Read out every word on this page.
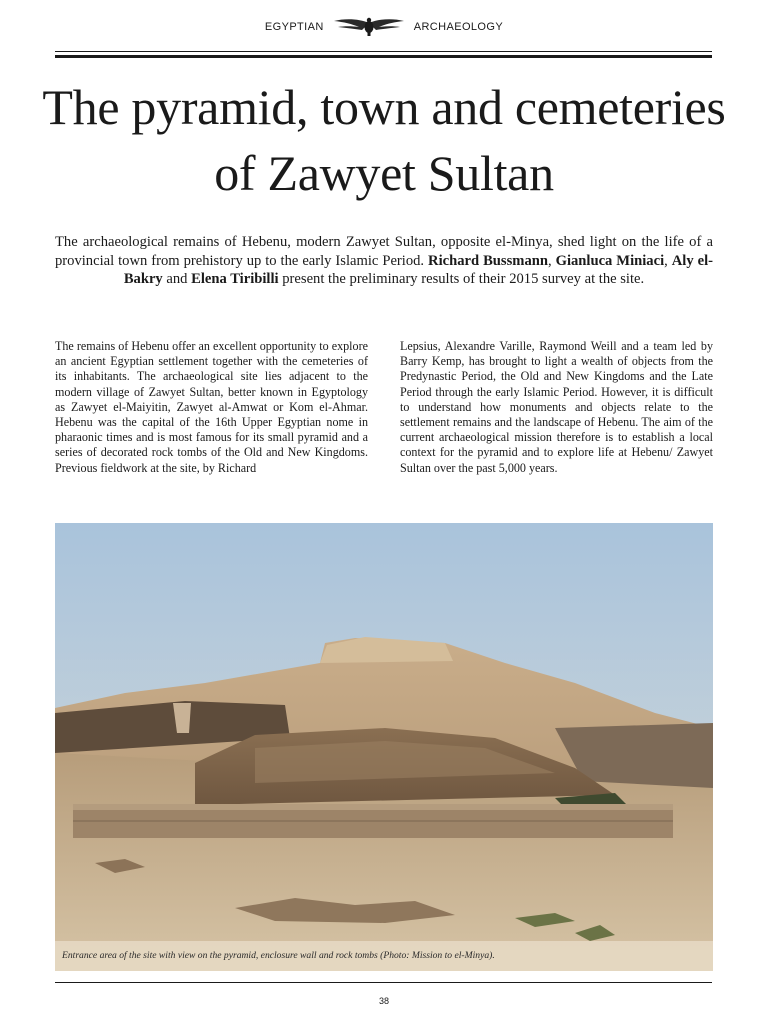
EGYPTIAN	ARCHAEOLOGY
The pyramid, town and cemeteries of Zawyet Sultan

The archaeological remains of Hebenu, modern Zawyet Sultan, opposite el-Minya, shed light on the life of a provincial town from prehistory up to the early Islamic Period. Richard Bussmann, Gianluca Miniaci, Aly el-Bakry and Elena Tiribilli present the preliminary results of their 2015 survey at the site.

The remains of Hebenu offer an excellent opportunity to explore an ancient Egyptian settlement together with the cemeteries of its inhabitants. The archaeological site lies adjacent to the modern village of Zawyet Sultan, better known in Egyptology as Zawyet el-Maiyitin, Zawyet al-Amwat or Kom el-Ahmar. Hebenu was the capital of the 16th Upper Egyptian nome in pharaonic times and is most famous for its small pyramid and a series of decorated rock tombs of the Old and New Kingdoms. Previous fieldwork at the site, by Richard

Lepsius, Alexandre Varille, Raymond Weill and a team led by Barry Kemp, has brought to light a wealth of objects from the Predynastic Period, the Old and New Kingdoms and the Late Period through the early Islamic Period. However, it is difficult to understand how monuments and objects relate to the settlement remains and the landscape of Hebenu. The aim of the current archaeological mission therefore is to establish a local context for the pyramid and to explore life at Hebenu/ Zawyet Sultan over the past 5,000 years.

Entrance area of the site with view on the pyramid, enclosure wall and rock tombs (Photo: Mission to el-Minya).
38
